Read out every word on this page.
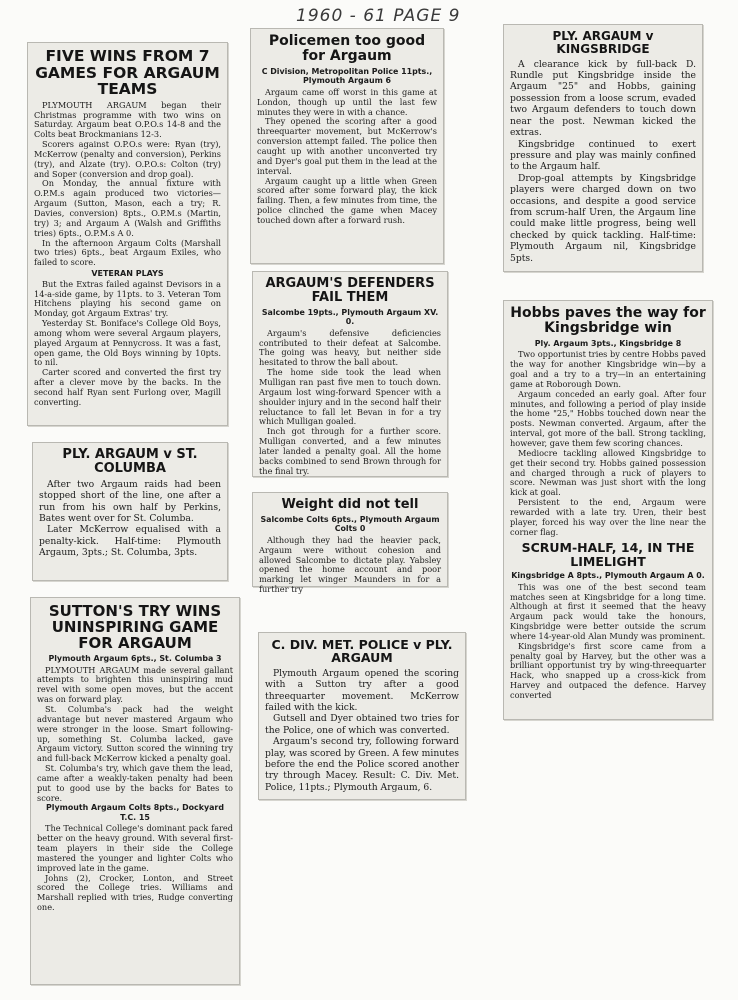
1960 - 61 PAGE 9
FIVE WINS FROM 7 GAMES FOR ARGAUM TEAMS

PLYMOUTH ARGAUM began their Christmas programme with two wins on Saturday. Argaum beat O.P.O.s 14-8 and the Colts beat Brockmanians 12-3.

Scorers against O.P.O.s were: Ryan (try), McKerrow (penalty and conversion), Perkins (try), and Alzate (try). O.P.O.s: Colton (try) and Soper (conversion and drop goal).

On Monday, the annual fixture with O.P.M.s again produced two victories—Argaum (Sutton, Mason, each a try; R. Davies, conversion) 8pts., O.P.M.s (Martin, try) 3; and Argaum A (Walsh and Griffiths tries) 6pts., O.P.M.s A 0.

In the afternoon Argaum Colts (Marshall two tries) 6pts., beat Argaum Exiles, who failed to score.

VETERAN PLAYS

But the Extras failed against Devisors in a 14-a-side game, by 11pts. to 3. Veteran Tom Hitchens playing his second game on Monday, got Argaum Extras' try.

Yesterday St. Boniface's College Old Boys, among whom were several Argaum players, played Argaum at Pennycross. It was a fast, open game, the Old Boys winning by 10pts. to nil.

Carter scored and converted the first try after a clever move by the backs. In the second half Ryan sent Furlong over, Magill converting.

PLY. ARGAUM v ST. COLUMBA

After two Argaum raids had been stopped short of the line, one after a run from his own half by Perkins, Bates went over for St. Columba.

Later McKerrow equalised with a penalty-kick. Half-time: Plymouth Argaum, 3pts.; St. Columba, 3pts.

SUTTON'S TRY WINS UNINSPIRING GAME FOR ARGAUM
Plymouth Argaum 6pts., St. Columba 3

PLYMOUTH ARGAUM made several gallant attempts to brighten this uninspiring mud revel with some open moves, but the accent was on forward play.

St. Columba's pack had the weight advantage but never mastered Argaum who were stronger in the loose. Smart following-up, something St. Columba lacked, gave Argaum victory. Sutton scored the winning try and full-back McKerrow kicked a penalty goal.

St. Columba's try, which gave them the lead, came after a weakly-taken penalty had been put to good use by the backs for Bates to score.

Plymouth Argaum Colts 8pts., Dockyard T.C. 15

The Technical College's dominant pack fared better on the heavy ground. With several first-team players in their side the College mastered the younger and lighter Colts who improved late in the game.

Johns (2), Crocker, Lonton, and Street scored the College tries. Williams and Marshall replied with tries, Rudge converting one.

Policemen too good for Argaum
C Division, Metropolitan Police 11pts., Plymouth Argaum 6

Argaum came off worst in this game at London, though up until the last few minutes they were in with a chance.

They opened the scoring after a good threequarter movement, but McKerrow's conversion attempt failed. The police then caught up with another unconverted try and Dyer's goal put them in the lead at the interval.

Argaum caught up a little when Green scored after some forward play, the kick failing. Then, a few minutes from time, the police clinched the game when Macey touched down after a forward rush.

ARGAUM'S DEFENDERS FAIL THEM
Salcombe 19pts., Plymouth Argaum XV. 0.

Argaum's defensive deficiencies contributed to their defeat at Salcombe. The going was heavy, but neither side hesitated to throw the ball about.

The home side took the lead when Mulligan ran past five men to touch down. Argaum lost wing-forward Spencer with a shoulder injury and in the second half their reluctance to fall let Bevan in for a try which Mulligan goaled.

Inch got through for a further score. Mulligan converted, and a few minutes later landed a penalty goal. All the home backs combined to send Brown through for the final try.

Weight did not tell
Salcombe Colts 6pts., Plymouth Argaum Colts 0

Although they had the heavier pack, Argaum were without cohesion and allowed Salcombe to dictate play. Yabsley opened the home account and poor marking let winger Maunders in for a further try

C. DIV. MET. POLICE v PLY. ARGAUM

Plymouth Argaum opened the scoring with a Sutton try after a good threequarter movement. McKerrow failed with the kick.

Gutsell and Dyer obtained two tries for the Police, one of which was converted.

Argaum's second try, following forward play, was scored by Green. A few minutes before the end the Police scored another try through Macey. Result: C. Div. Met. Police, 11pts.; Plymouth Argaum, 6.

PLY. ARGAUM v KINGSBRIDGE

A clearance kick by full-back D. Rundle put Kingsbridge inside the Argaum "25" and Hobbs, gaining possession from a loose scrum, evaded two Argaum defenders to touch down near the post. Newman kicked the extras.

Kingsbridge continued to exert pressure and play was mainly confined to the Argaum half.

Drop-goal attempts by Kingsbridge players were charged down on two occasions, and despite a good service from scrum-half Uren, the Argaum line could make little progress, being well checked by quick tackling. Half-time: Plymouth Argaum nil, Kingsbridge 5pts.

Hobbs paves the way for Kingsbridge win
Ply. Argaum 3pts., Kingsbridge 8

Two opportunist tries by centre Hobbs paved the way for another Kingsbridge win—by a goal and a try to a try—in an entertaining game at Roborough Down.

Argaum conceded an early goal. After four minutes, and following a period of play inside the home "25," Hobbs touched down near the posts. Newman converted. Argaum, after the interval, got more of the ball. Strong tackling, however, gave them few scoring chances.

Mediocre tackling allowed Kingsbridge to get their second try. Hobbs gained possession and charged through a ruck of players to score. Newman was just short with the long kick at goal.

Persistent to the end, Argaum were rewarded with a late try. Uren, their best player, forced his way over the line near the corner flag.

SCRUM-HALF, 14, IN THE LIMELIGHT
Kingsbridge A 8pts., Plymouth Argaum A 0.

This was one of the best second team matches seen at Kingsbridge for a long time. Although at first it seemed that the heavy Argaum pack would take the honours, Kingsbridge were better outside the scrum where 14-year-old Alan Mundy was prominent.

Kingsbridge's first score came from a penalty goal by Harvey, but the other was a brilliant opportunist try by wing-threequarter Hack, who snapped up a cross-kick from Harvey and outpaced the defence. Harvey converted
